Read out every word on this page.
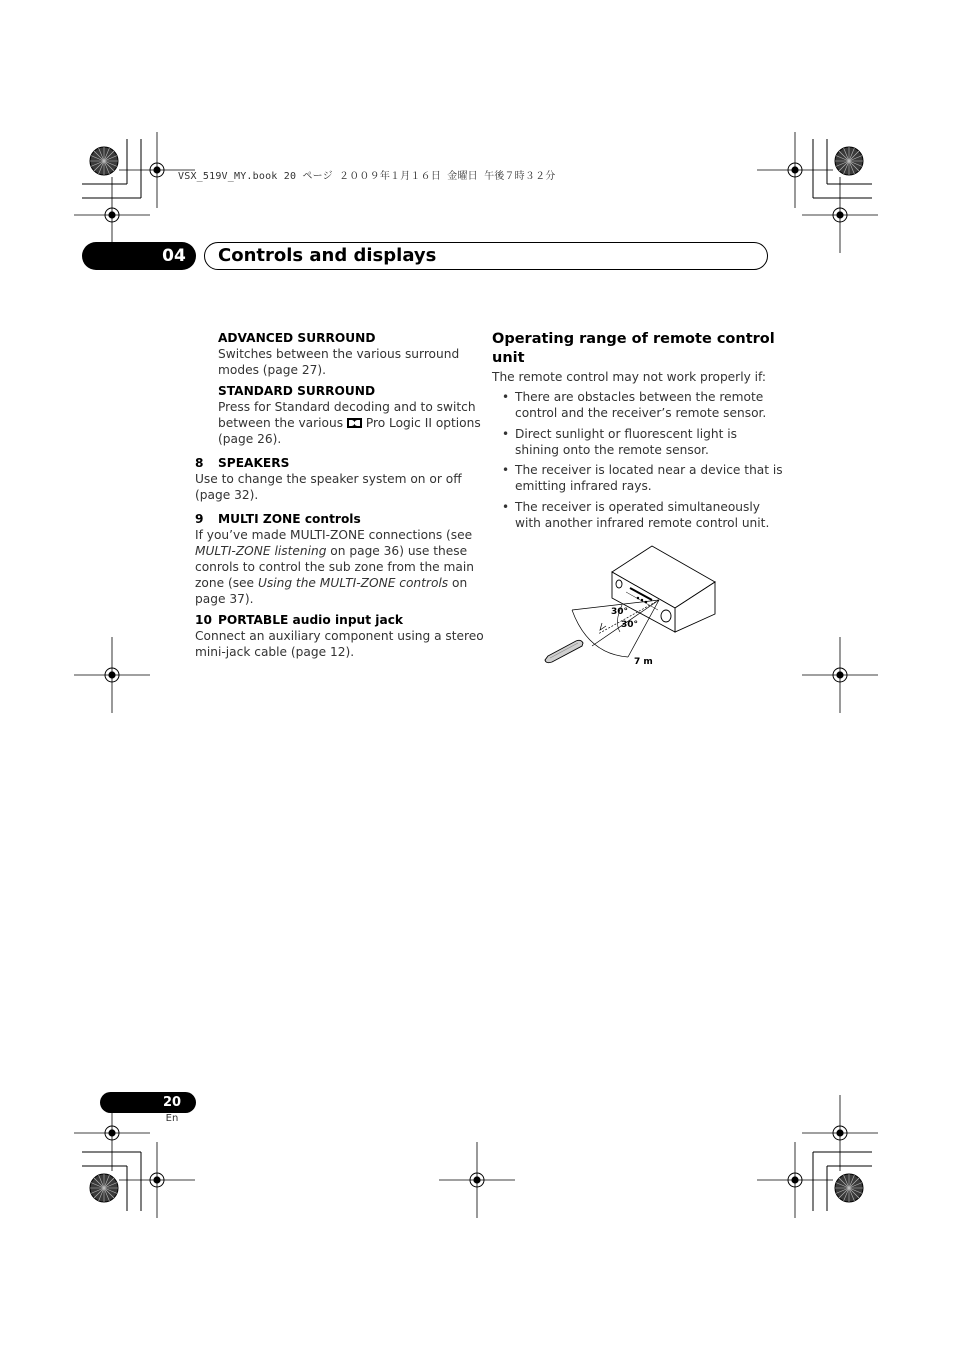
VSX_519V_MY.book 20 ページ ２００９年１月１６日 金曜日 午後７時３２分
04 Controls and displays
ADVANCED SURROUND
Switches between the various surround
modes (page 27).
STANDARD SURROUND
Press for Standard decoding and to switch
between the various Pro Logic II options
(page 26).
8 SPEAKERS
Use to change the speaker system on or off
(page 32).
9 MULTI ZONE controls
If you’ve made MULTI-ZONE connections (see
MULTI-ZONE listening on page 36) use these
conrols to control the sub zone from the main
zone (see Using the MULTI-ZONE controls on
page 37).
10 PORTABLE audio input jack
Connect an auxiliary component using a stereo
mini-jack cable (page 12).
Operating range of remote control
unit
The remote control may not work properly if:
• There are obstacles between the remote
control and the receiver’s remote sensor.
• Direct sunlight or fluorescent light is
shining onto the remote sensor.
• The receiver is located near a device that is
emitting infrared rays.
• The receiver is operated simultaneously
with another infrared remote control unit.
30°
30°
7 m
20
En
